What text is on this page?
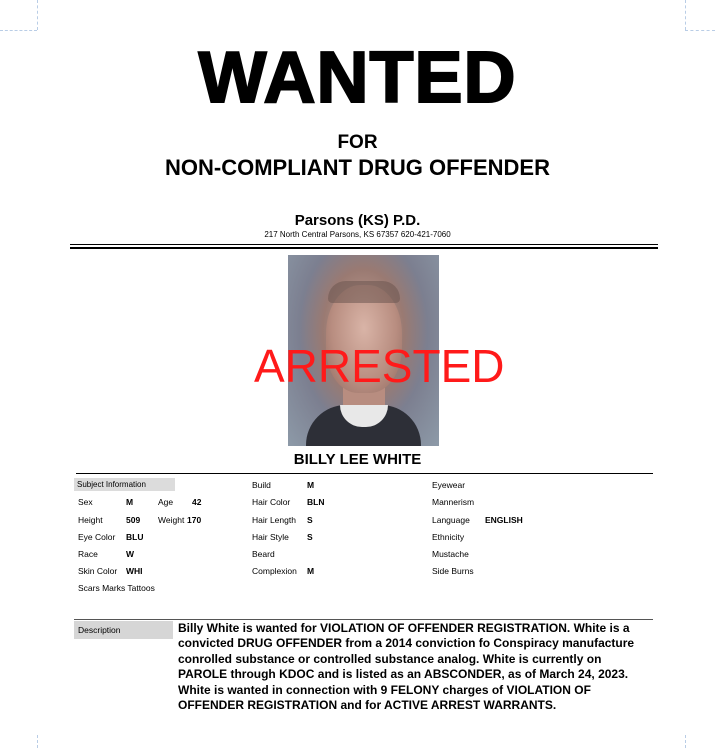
WANTED
FOR
NON-COMPLIANT DRUG OFFENDER
Parsons (KS) P.D.
217 North Central Parsons, KS 67357 620-421-7060
ARRESTED
BILLY LEE WHITE
Subject Information
Sex	M	Age 42
Height	509 Weight 170
Eye Color BLU
Race	W
Skin Color WHI
Scars Marks Tattoos
Build	M
Hair Color BLN
Hair Length S
Hair Style S
Beard
Complexion	M
Eyewear
Mannerism
Language ENGLISH
Ethnicity
Mustache
Side Burns
Description	Billy White is wanted for VIOLATION OF OFFENDER REGISTRATION. White is a convicted DRUG OFFENDER from a 2014 conviction fo Conspiracy manufacture conrolled substance or controlled substance analog. White is currently on PAROLE through KDOC and is listed as an ABSCONDER, as of March 24, 2023. White is wanted in connection with 9 FELONY charges of VIOLATION OF OFFENDER REGISTRATION and for ACTIVE ARREST WARRANTS.
